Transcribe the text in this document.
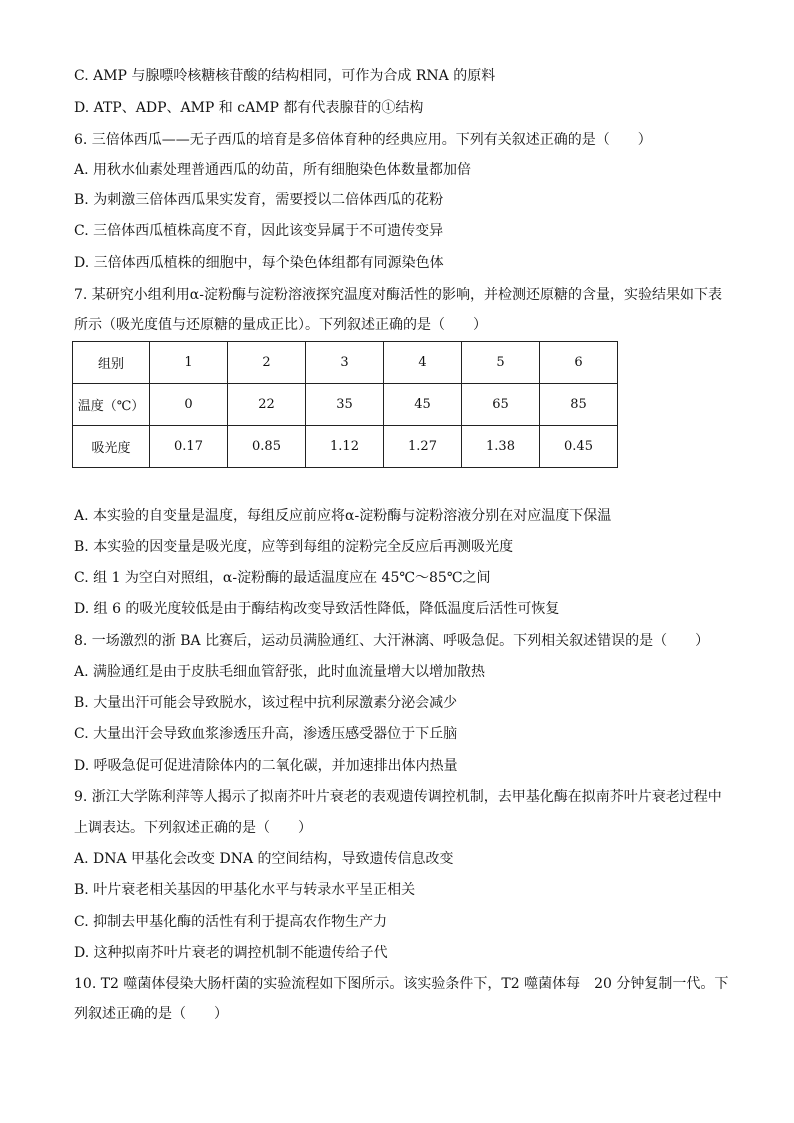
C. AMP 与腺嘌呤核糖核苷酸的结构相同，可作为合成 RNA 的原料
D. ATP、ADP、AMP 和 cAMP 都有代表腺苷的①结构
6. 三倍体西瓜——无子西瓜的培育是多倍体育种的经典应用。下列有关叙述正确的是（　　）
A. 用秋水仙素处理普通西瓜的幼苗，所有细胞染色体数量都加倍
B. 为刺激三倍体西瓜果实发育，需要授以二倍体西瓜的花粉
C. 三倍体西瓜植株高度不育，因此该变异属于不可遗传变异
D. 三倍体西瓜植株的细胞中，每个染色体组都有同源染色体
7. 某研究小组利用α-淀粉酶与淀粉溶液探究温度对酶活性的影响，并检测还原糖的含量，实验结果如下表
所示（吸光度值与还原糖的量成正比）。下列叙述正确的是（　　）
组别	1	2	3	4	5	6
温度（℃）	0	22	35	45	65	85
吸光度	0.17	0.85	1.12	1.27	1.38	0.45
A. 本实验的自变量是温度，每组反应前应将α-淀粉酶与淀粉溶液分别在对应温度下保温
B. 本实验的因变量是吸光度，应等到每组的淀粉完全反应后再测吸光度
C. 组 1 为空白对照组，α-淀粉酶的最适温度应在 45℃～85℃之间
D. 组 6 的吸光度较低是由于酶结构改变导致活性降低，降低温度后活性可恢复
8. 一场激烈的浙 BA 比赛后，运动员满脸通红、大汗淋漓、呼吸急促。下列相关叙述错误的是（　　）
A. 满脸通红是由于皮肤毛细血管舒张，此时血流量增大以增加散热
B. 大量出汗可能会导致脱水，该过程中抗利尿激素分泌会减少
C. 大量出汗会导致血浆渗透压升高，渗透压感受器位于下丘脑
D. 呼吸急促可促进清除体内的二氧化碳，并加速排出体内热量
9. 浙江大学陈利萍等人揭示了拟南芥叶片衰老的表观遗传调控机制，去甲基化酶在拟南芥叶片衰老过程中
上调表达。下列叙述正确的是（　　）
A. DNA 甲基化会改变 DNA 的空间结构，导致遗传信息改变
B. 叶片衰老相关基因的甲基化水平与转录水平呈正相关
C. 抑制去甲基化酶的活性有利于提高农作物生产力
D. 这种拟南芥叶片衰老的调控机制不能遗传给子代
10. T2 噬菌体侵染大肠杆菌的实验流程如下图所示。该实验条件下，T2 噬菌体每　20 分钟复制一代。下
列叙述正确的是（　　）
